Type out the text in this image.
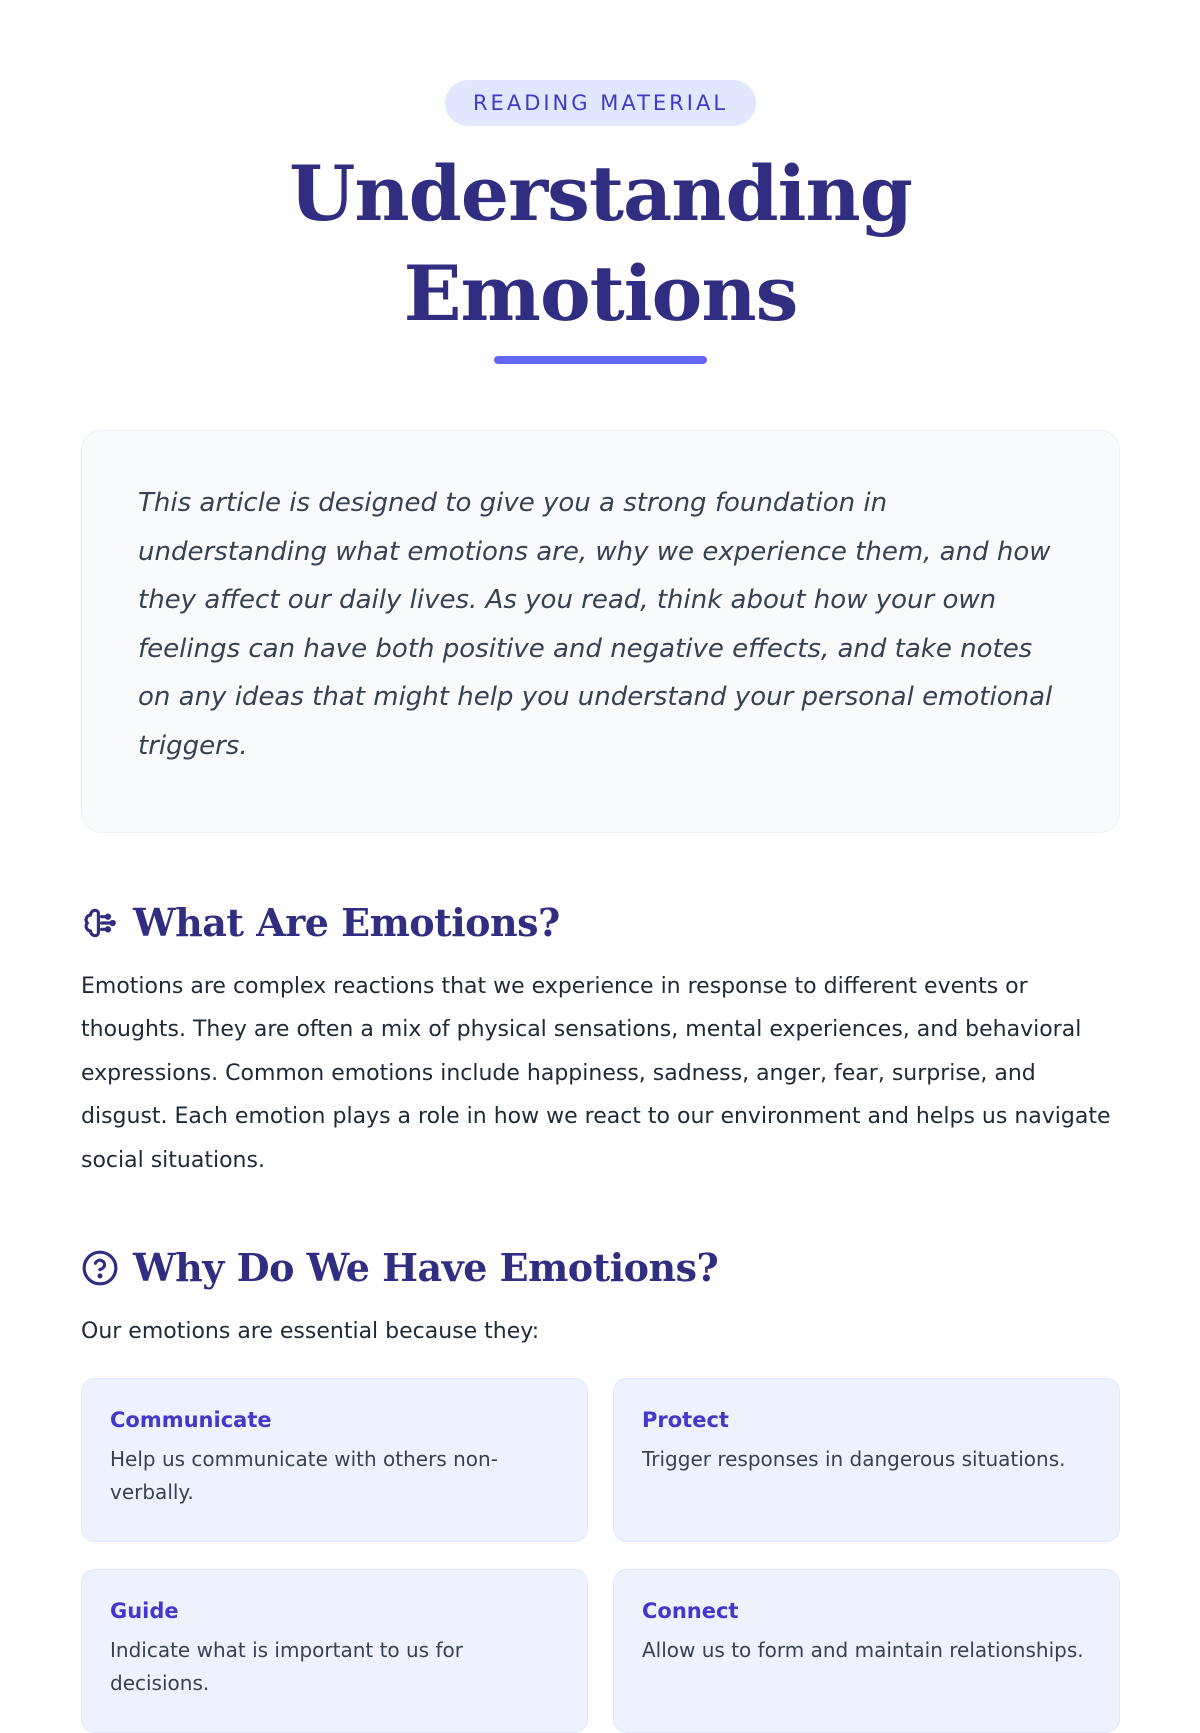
READING MATERIAL
Understanding Emotions

This article is designed to give you a strong foundation in understanding what emotions are, why we experience them, and how they affect our daily lives. As you read, think about how your own feelings can have both positive and negative effects, and take notes on any ideas that might help you understand your personal emotional triggers.

What Are Emotions?

Emotions are complex reactions that we experience in response to different events or thoughts. They are often a mix of physical sensations, mental experiences, and behavioral expressions. Common emotions include happiness, sadness, anger, fear, surprise, and disgust. Each emotion plays a role in how we react to our environment and helps us navigate social situations.

Why Do We Have Emotions?

Our emotions are essential because they:

Communicate

Help us communicate with others non-verbally.

Protect

Trigger responses in dangerous situations.

Guide

Indicate what is important to us for decisions.

Connect

Allow us to form and maintain relationships.
